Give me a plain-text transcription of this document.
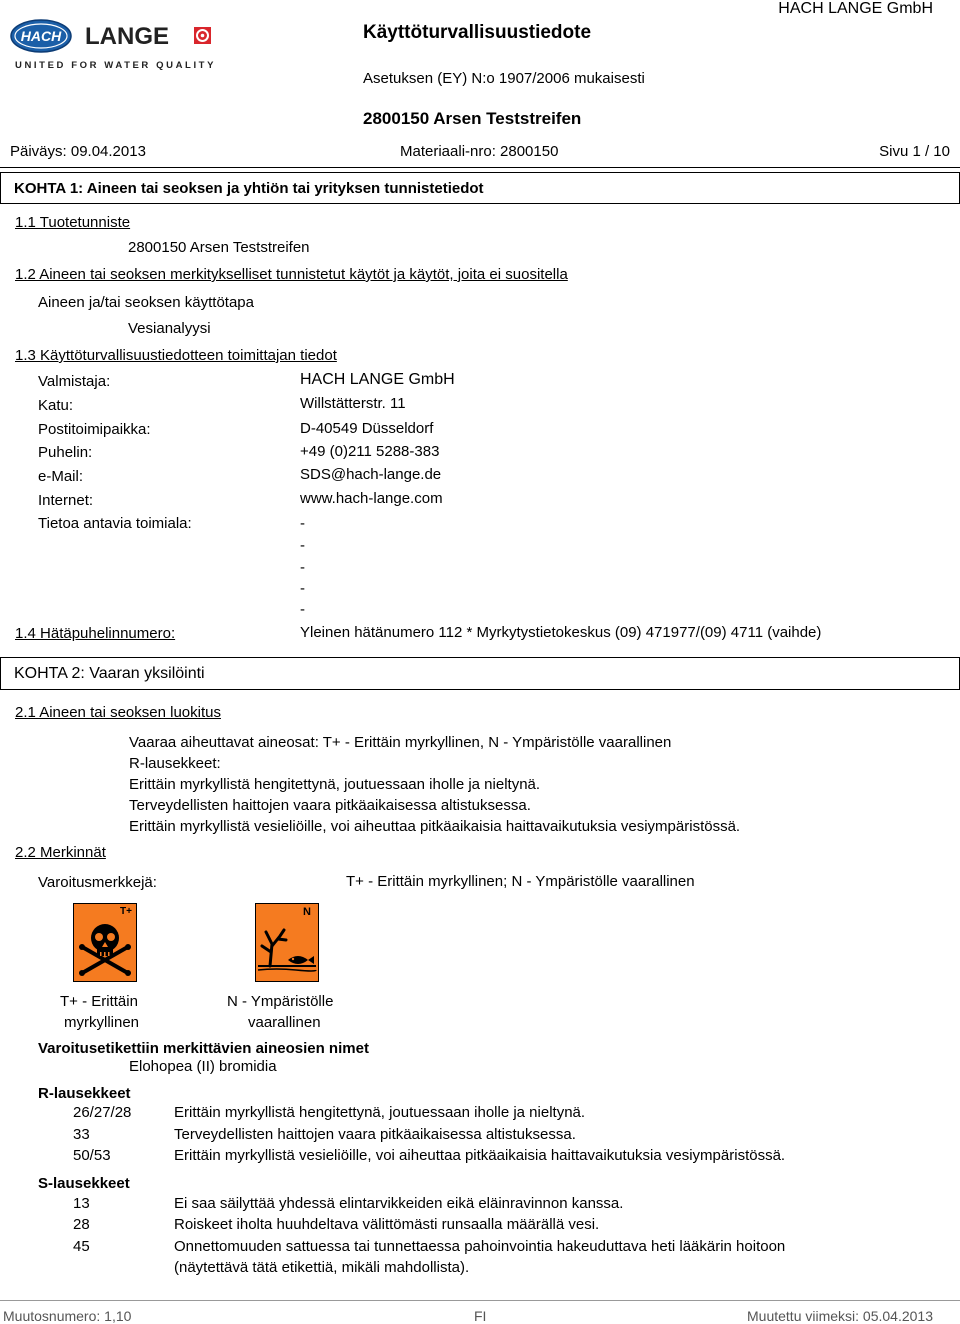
HACH LANGE
UNITED FOR WATER QUALITY
Käyttöturvallisuustiedote
HACH LANGE GmbH
Asetuksen (EY) N:o 1907/2006 mukaisesti
2800150 Arsen Teststreifen
Päiväys: 09.04.2013	Materiaali-nro: 2800150	Sivu 1 / 10
KOHTA 1: Aineen tai seoksen ja yhtiön tai yrityksen tunnistetiedot
1.1 Tuotetunniste
2800150 Arsen Teststreifen
1.2 Aineen tai seoksen merkitykselliset tunnistetut käytöt ja käytöt, joita ei suositella
Aineen ja/tai seoksen käyttötapa
Vesianalyysi
1.3 Käyttöturvallisuustiedotteen toimittajan tiedot
Valmistaja:	HACH LANGE GmbH
Katu:	Willstätterstr. 11
Postitoimipaikka:	D-40549 Düsseldorf
Puhelin:	+49 (0)211 5288-383
e-Mail:	SDS@hach-lange.de
Internet:	www.hach-lange.com
Tietoa antavia toimiala:	-
-
-
-
-
1.4 Hätäpuhelinnumero:	Yleinen hätänumero 112 * Myrkytystietokeskus (09) 471977/(09) 4711 (vaihde)
KOHTA 2: Vaaran yksilöinti
2.1 Aineen tai seoksen luokitus
Vaaraa aiheuttavat aineosat: T+ - Erittäin myrkyllinen, N - Ympäristölle vaarallinen
R-lausekkeet:
Erittäin myrkyllistä hengitettynä, joutuessaan iholle ja nieltynä.
Terveydellisten haittojen vaara pitkäaikaisessa altistuksessa.
Erittäin myrkyllistä vesieliöille, voi aiheuttaa pitkäaikaisia haittavaikutuksia vesiympäristössä.
2.2 Merkinnät
Varoitusmerkkejä:	T+ - Erittäin myrkyllinen; N - Ympäristölle vaarallinen
T+	N
T+ - Erittäin
myrkyllinen
N - Ympäristölle
vaarallinen
Varoitusetikettiin merkittävien aineosien nimet
Elohopea (II) bromidia
R-lausekkeet
26/27/28	Erittäin myrkyllistä hengitettynä, joutuessaan iholle ja nieltynä.
33	Terveydellisten haittojen vaara pitkäaikaisessa altistuksessa.
50/53	Erittäin myrkyllistä vesieliöille, voi aiheuttaa pitkäaikaisia haittavaikutuksia vesiympäristössä.
S-lausekkeet
13	Ei saa säilyttää yhdessä elintarvikkeiden eikä eläinravinnon kanssa.
28	Roiskeet iholta huuhdeltava välittömästi runsaalla määrällä vesi.
45	Onnettomuuden sattuessa tai tunnettaessa pahoinvointia hakeuduttava heti lääkärin hoitoon
(näytettävä tätä etikettiä, mikäli mahdollista).
Muutosnumero: 1,10	FI	Muutettu viimeksi: 05.04.2013
